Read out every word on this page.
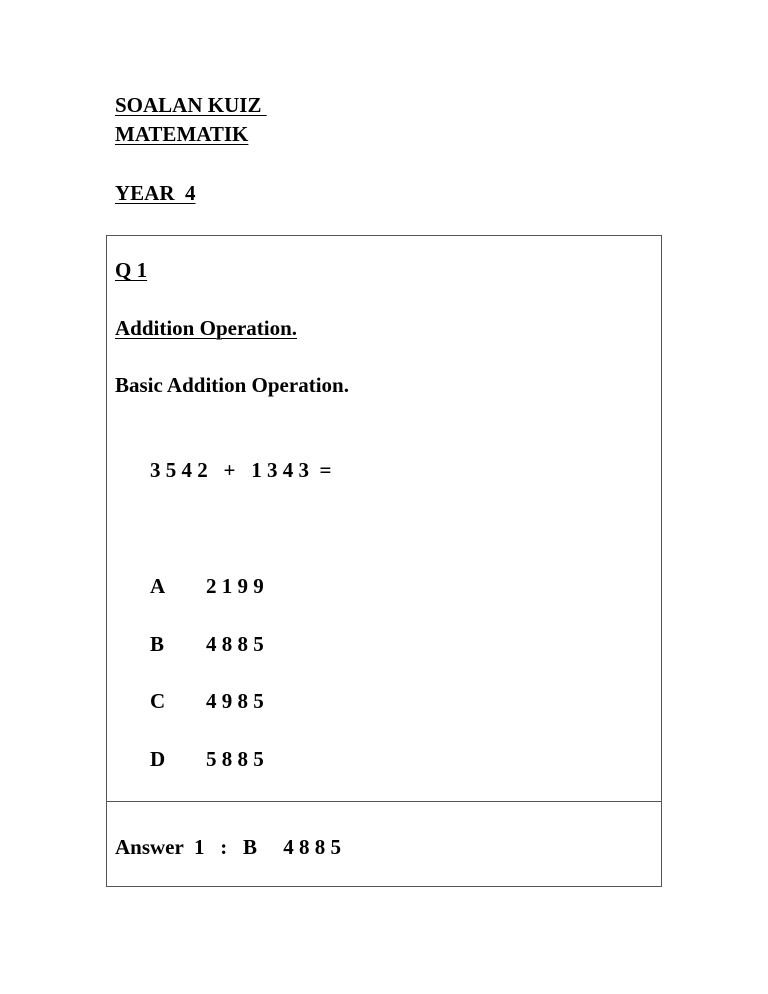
SOALAN KUIZ
MATEMATIK
YEAR  4
Q 1
Addition Operation.
Basic Addition Operation.
3 5 4 2   +   1 3 4 3  =
A 2 1 9 9
B 4 8 8 5
C 4 9 8 5
D 5 8 8 5
Answer  1   :   B     4 8 8 5
